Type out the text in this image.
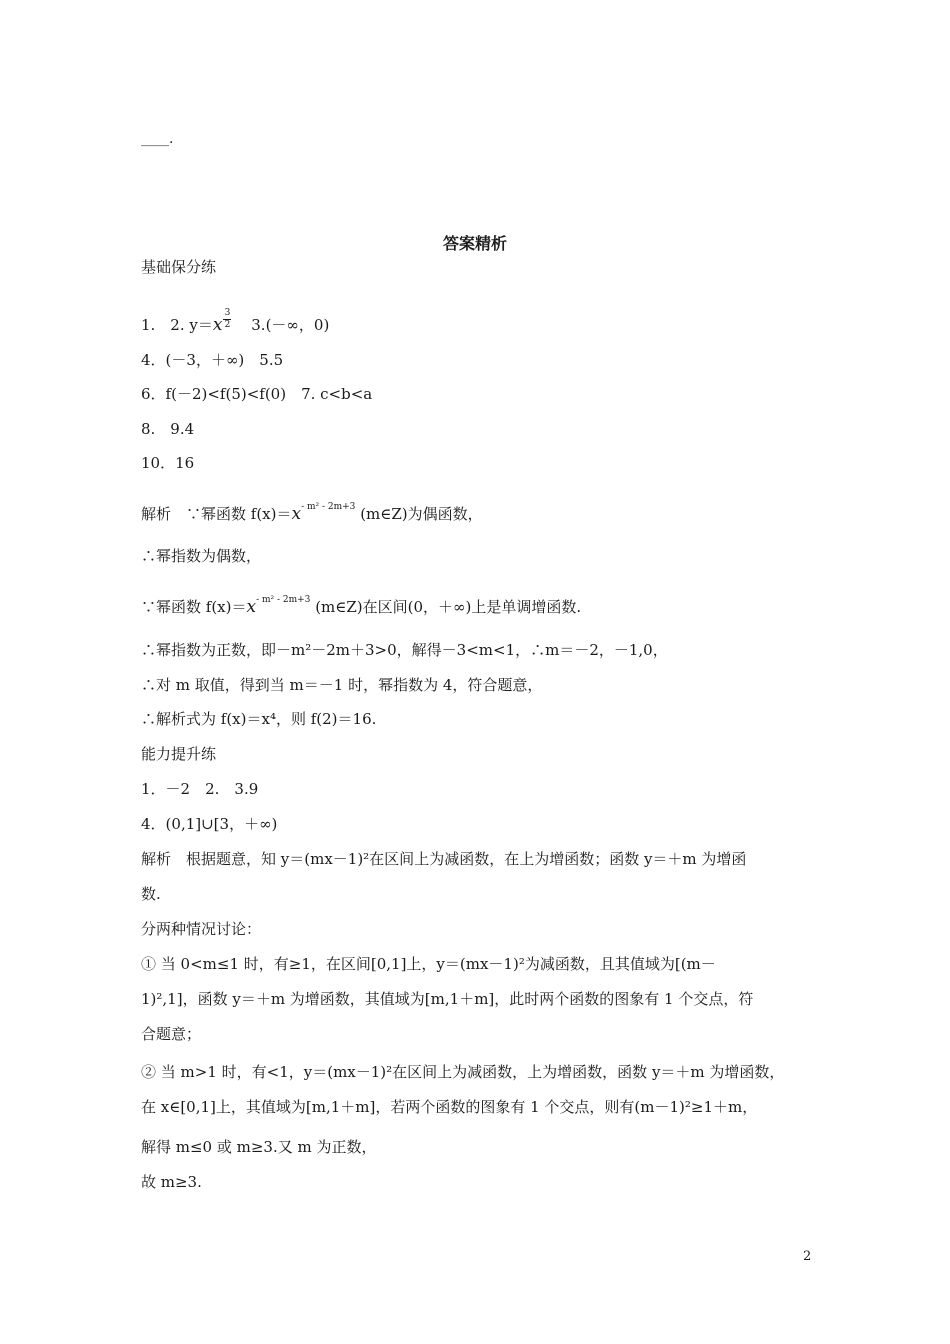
____.
答案精析
基础保分练
1.　2. $y=x \frac{3}{2}$ 　3.(－∞，0)
4．(－3，＋∞)　5.5
6．f(－2)<f(5)<f(0)　7. c<b<a
8.　9.4
10．16
解析　∵幂函数 $f(x)=x^{- m^2 - 2m+3}$ (m∈Z)为偶函数，
∴幂指数为偶数，
∵幂函数 $f(x)=x^{- m^2 - 2m+3}$ (m∈Z)在区间(0，＋∞)上是单调增函数.
∴幂指数为正数，即－m²－2m＋3>0，解得－3<m<1，∴m＝－2，－1,0，
∴对 m 取值，得到当 m＝－1 时，幂指数为 4，符合题意，
∴解析式为 f(x)＝x⁴，则 f(2)＝16.
能力提升练
1．－2　2.　3.9
4．(0,1]∪[3，＋∞)
解析　根据题意，知 y＝(mx－1)²在区间上为减函数，在上为增函数；函数 y＝＋m 为增函
数.
分两种情况讨论：
① 当 0<m≤1 时，有≥1，在区间[0,1]上，y＝(mx－1)²为减函数，且其值域为[(m－
1)²,1]，函数 y＝＋m 为增函数，其值域为[m,1＋m]，此时两个函数的图象有 1 个交点，符
合题意；
② 当 m>1 时，有<1，y＝(mx－1)²在区间上为减函数，上为增函数，函数 y＝＋m 为增函数，
在 x∈[0,1]上，其值域为[m,1＋m]，若两个函数的图象有 1 个交点，则有(m－1)²≥1＋m，
解得 m≤0 或 m≥3.又 m 为正数，
故 m≥3.
2
